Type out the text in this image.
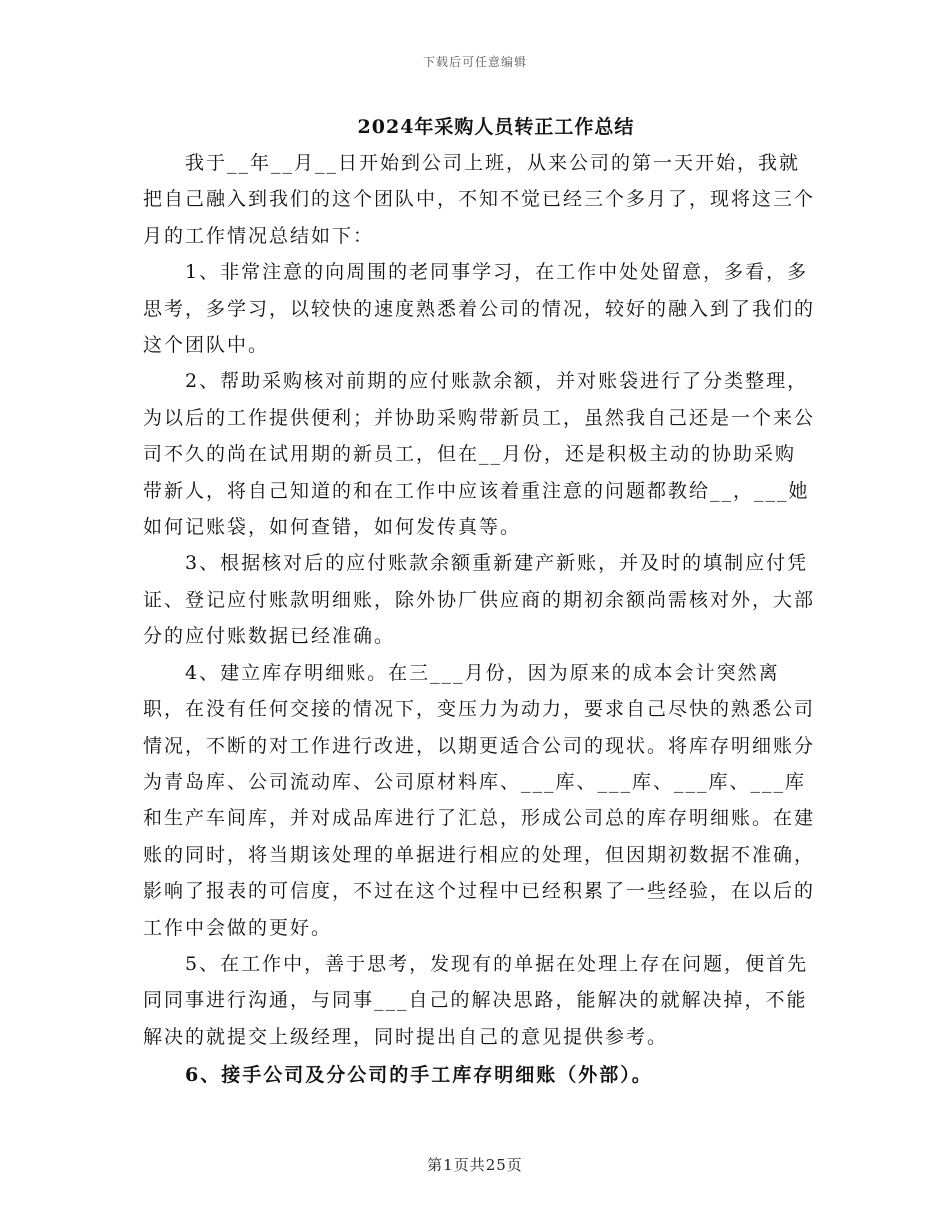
下载后可任意编辑
2024年采购人员转正工作总结

我于__年__月__日开始到公司上班，从来公司的第一天开始，我就把自己融入到我们的这个团队中，不知不觉已经三个多月了，现将这三个月的工作情况总结如下：

1、非常注意的向周围的老同事学习，在工作中处处留意，多看，多思考，多学习，以较快的速度熟悉着公司的情况，较好的融入到了我们的这个团队中。

2、帮助采购核对前期的应付账款余额，并对账袋进行了分类整理，为以后的工作提供便利；并协助采购带新员工，虽然我自己还是一个来公司不久的尚在试用期的新员工，但在__月份，还是积极主动的协助采购带新人，将自己知道的和在工作中应该着重注意的问题都教给__，___她如何记账袋，如何查错，如何发传真等。

3、根据核对后的应付账款余额重新建产新账，并及时的填制应付凭证、登记应付账款明细账，除外协厂供应商的期初余额尚需核对外，大部分的应付账数据已经准确。

4、建立库存明细账。在三___月份，因为原来的成本会计突然离职，在没有任何交接的情况下，变压力为动力，要求自己尽快的熟悉公司情况，不断的对工作进行改进，以期更适合公司的现状。将库存明细账分为青岛库、公司流动库、公司原材料库、___库、___库、___库、___库和生产车间库，并对成品库进行了汇总，形成公司总的库存明细账。在建账的同时，将当期该处理的单据进行相应的处理，但因期初数据不准确，影响了报表的可信度，不过在这个过程中已经积累了一些经验，在以后的工作中会做的更好。

5、在工作中，善于思考，发现有的单据在处理上存在问题，便首先同同事进行沟通，与同事___自己的解决思路，能解决的就解决掉，不能解决的就提交上级经理，同时提出自己的意见提供参考。

6、接手公司及分公司的手工库存明细账（外部）。

第1页共25页
